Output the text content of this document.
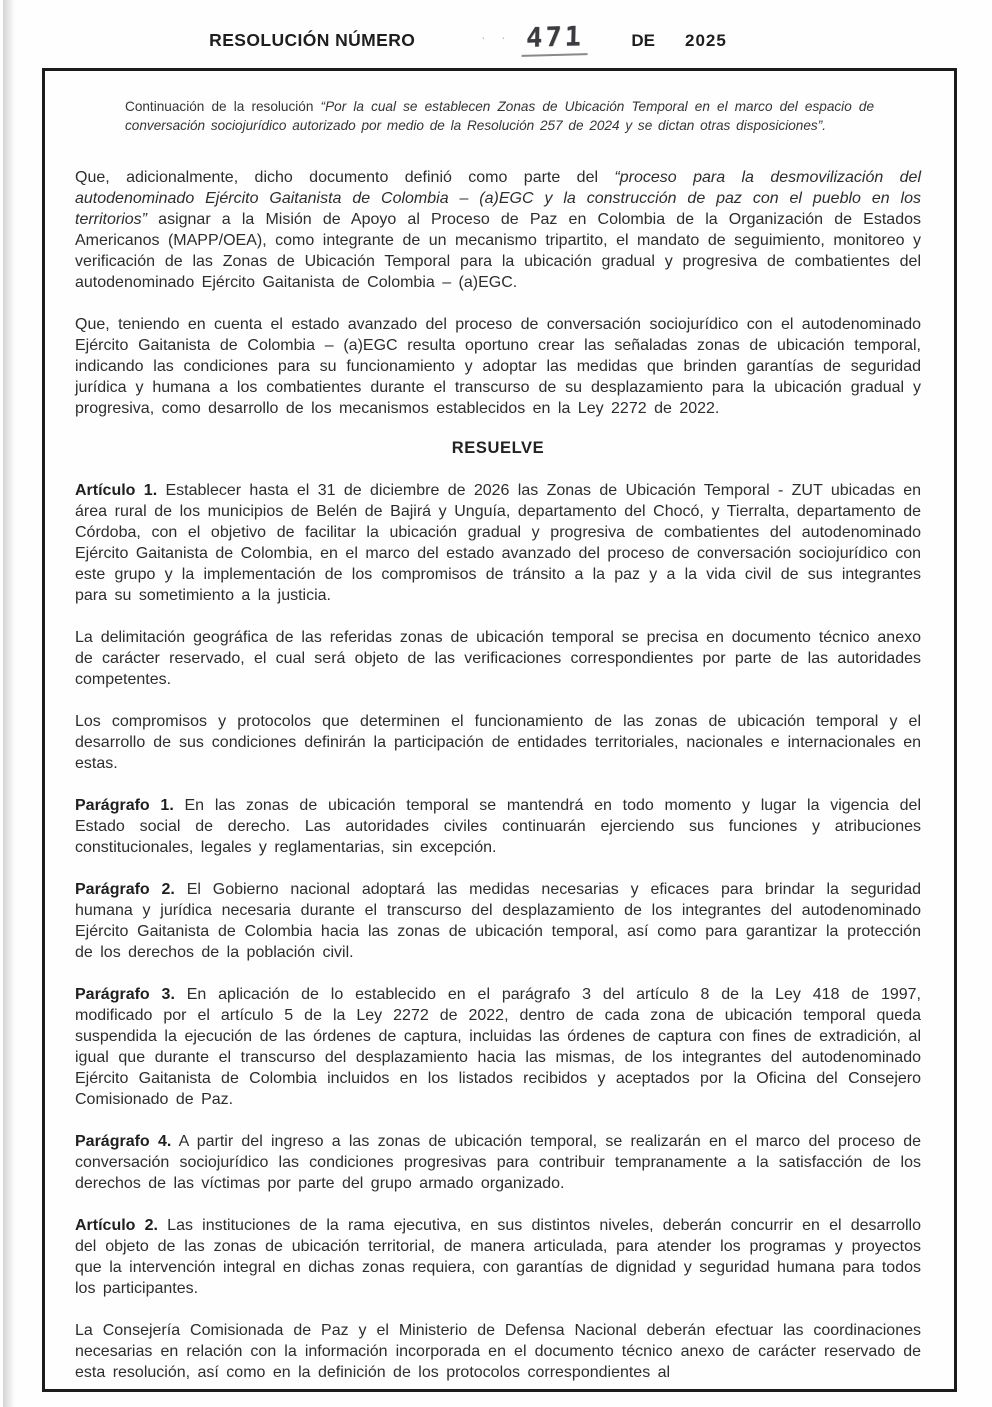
RESOLUCIÓN NÚMERO	· · 471	DE 2025

Continuación de la resolución “Por la cual se establecen Zonas de Ubicación Temporal en el marco del espacio de conversación sociojurídico autorizado por medio de la Resolución 257 de 2024 y se dictan otras disposiciones”.

Que, adicionalmente, dicho documento definió como parte del “proceso para la desmovilización del autodenominado Ejército Gaitanista de Colombia – (a)EGC y la construcción de paz con el pueblo en los territorios” asignar a la Misión de Apoyo al Proceso de Paz en Colombia de la Organización de Estados Americanos (MAPP/OEA), como integrante de un mecanismo tripartito, el mandato de seguimiento, monitoreo y verificación de las Zonas de Ubicación Temporal para la ubicación gradual y progresiva de combatientes del autodenominado Ejército Gaitanista de Colombia – (a)EGC.

Que, teniendo en cuenta el estado avanzado del proceso de conversación sociojurídico con el autodenominado Ejército Gaitanista de Colombia – (a)EGC resulta oportuno crear las señaladas zonas de ubicación temporal, indicando las condiciones para su funcionamiento y adoptar las medidas que brinden garantías de seguridad jurídica y humana a los combatientes durante el transcurso de su desplazamiento para la ubicación gradual y progresiva, como desarrollo de los mecanismos establecidos en la Ley 2272 de 2022.

RESUELVE

Artículo 1. Establecer hasta el 31 de diciembre de 2026 las Zonas de Ubicación Temporal - ZUT ubicadas en área rural de los municipios de Belén de Bajirá y Unguía, departamento del Chocó, y Tierralta, departamento de Córdoba, con el objetivo de facilitar la ubicación gradual y progresiva de combatientes del autodenominado Ejército Gaitanista de Colombia, en el marco del estado avanzado del proceso de conversación sociojurídico con este grupo y la implementación de los compromisos de tránsito a la paz y a la vida civil de sus integrantes para su sometimiento a la justicia.

La delimitación geográfica de las referidas zonas de ubicación temporal se precisa en documento técnico anexo de carácter reservado, el cual será objeto de las verificaciones correspondientes por parte de las autoridades competentes.

Los compromisos y protocolos que determinen el funcionamiento de las zonas de ubicación temporal y el desarrollo de sus condiciones definirán la participación de entidades territoriales, nacionales e internacionales en estas.

Parágrafo 1. En las zonas de ubicación temporal se mantendrá en todo momento y lugar la vigencia del Estado social de derecho. Las autoridades civiles continuarán ejerciendo sus funciones y atribuciones constitucionales, legales y reglamentarias, sin excepción.

Parágrafo 2. El Gobierno nacional adoptará las medidas necesarias y eficaces para brindar la seguridad humana y jurídica necesaria durante el transcurso del desplazamiento de los integrantes del autodenominado Ejército Gaitanista de Colombia hacia las zonas de ubicación temporal, así como para garantizar la protección de los derechos de la población civil.

Parágrafo 3. En aplicación de lo establecido en el parágrafo 3 del artículo 8 de la Ley 418 de 1997, modificado por el artículo 5 de la Ley 2272 de 2022, dentro de cada zona de ubicación temporal queda suspendida la ejecución de las órdenes de captura, incluidas las órdenes de captura con fines de extradición, al igual que durante el transcurso del desplazamiento hacia las mismas, de los integrantes del autodenominado Ejército Gaitanista de Colombia incluidos en los listados recibidos y aceptados por la Oficina del Consejero Comisionado de Paz.

Parágrafo 4. A partir del ingreso a las zonas de ubicación temporal, se realizarán en el marco del proceso de conversación sociojurídico las condiciones progresivas para contribuir tempranamente a la satisfacción de los derechos de las víctimas por parte del grupo armado organizado.

Artículo 2. Las instituciones de la rama ejecutiva, en sus distintos niveles, deberán concurrir en el desarrollo del objeto de las zonas de ubicación territorial, de manera articulada, para atender los programas y proyectos que la intervención integral en dichas zonas requiera, con garantías de dignidad y seguridad humana para todos los participantes.

La Consejería Comisionada de Paz y el Ministerio de Defensa Nacional deberán efectuar las coordinaciones necesarias en relación con la información incorporada en el documento técnico anexo de carácter reservado de esta resolución, así como en la definición de los protocolos correspondientes al
